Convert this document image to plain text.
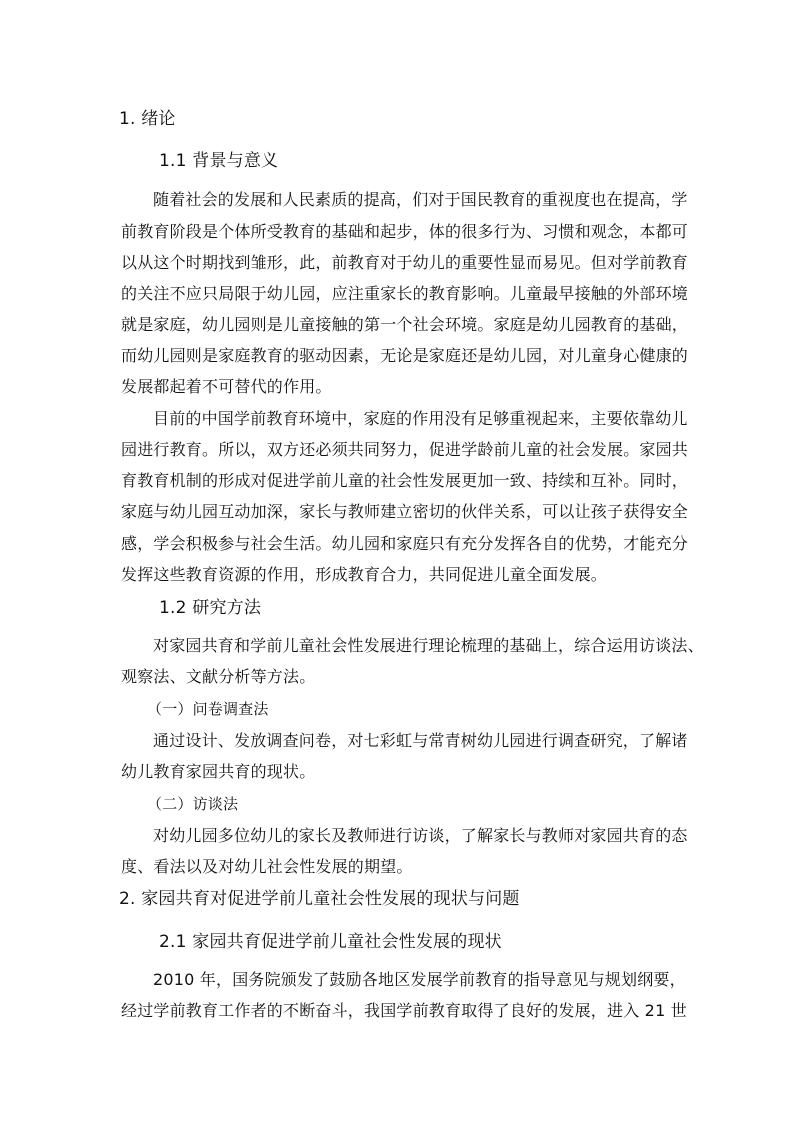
1. 绪论
1.1 背景与意义
随着社会的发展和人民素质的提高，们对于国民教育的重视度也在提高，学
前教育阶段是个体所受教育的基础和起步，体的很多行为、习惯和观念，本都可
以从这个时期找到雏形，此，前教育对于幼儿的重要性显而易见。但对学前教育
的关注不应只局限于幼儿园，应注重家长的教育影响。儿童最早接触的外部环境
就是家庭，幼儿园则是儿童接触的第一个社会环境。家庭是幼儿园教育的基础，
而幼儿园则是家庭教育的驱动因素，无论是家庭还是幼儿园，对儿童身心健康的
发展都起着不可替代的作用。
目前的中国学前教育环境中，家庭的作用没有足够重视起来，主要依靠幼儿
园进行教育。所以，双方还必须共同努力，促进学龄前儿童的社会发展。家园共
育教育机制的形成对促进学前儿童的社会性发展更加一致、持续和互补。同时，
家庭与幼儿园互动加深，家长与教师建立密切的伙伴关系，可以让孩子获得安全
感，学会积极参与社会生活。幼儿园和家庭只有充分发挥各自的优势，才能充分
发挥这些教育资源的作用，形成教育合力，共同促进儿童全面发展。
1.2 研究方法
对家园共育和学前儿童社会性发展进行理论梳理的基础上，综合运用访谈法、
观察法、文献分析等方法。
（一）问卷调查法
通过设计、发放调查问卷，对七彩虹与常青树幼儿园进行调查研究，了解诸
幼儿教育家园共育的现状。
（二）访谈法
对幼儿园多位幼儿的家长及教师进行访谈，了解家长与教师对家园共育的态
度、看法以及对幼儿社会性发展的期望。
2. 家园共育对促进学前儿童社会性发展的现状与问题
2.1 家园共育促进学前儿童社会性发展的现状
2010 年，国务院颁发了鼓励各地区发展学前教育的指导意见与规划纲要，
经过学前教育工作者的不断奋斗，我国学前教育取得了良好的发展，进入 21 世
